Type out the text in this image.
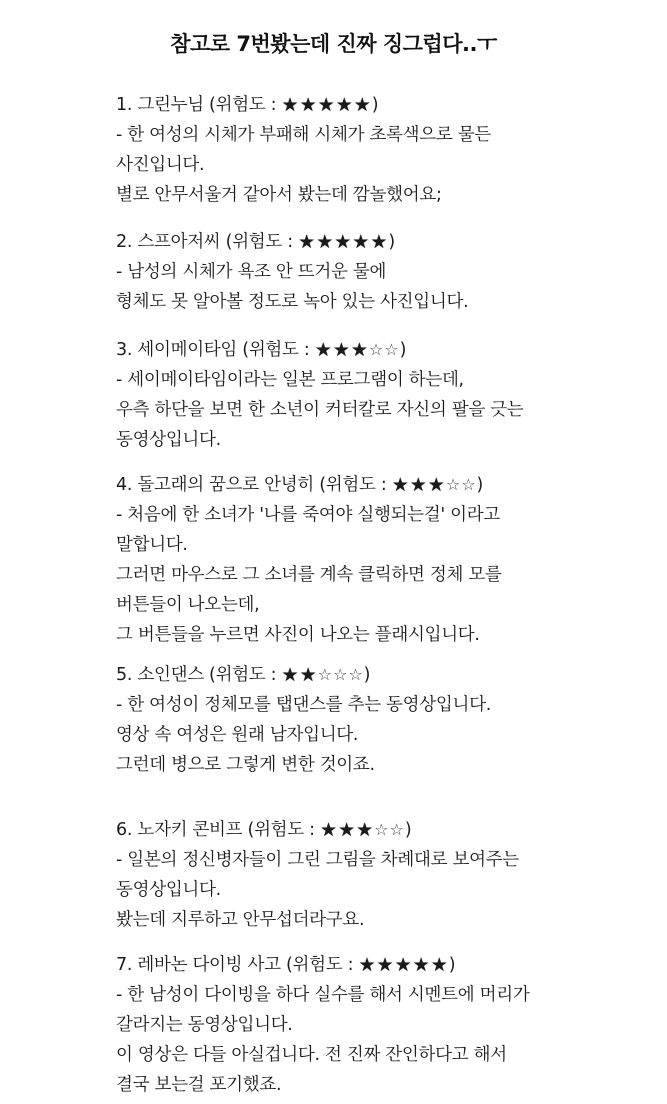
참고로 7번봤는데 진짜 징그럽다..ㅜ
1. 그린누님 (위험도 : ★★★★★)
- 한 여성의 시체가 부패해 시체가 초록색으로 물든
사진입니다.
별로 안무서울거 같아서 봤는데 깜놀했어요;
2. 스프아저씨 (위험도 : ★★★★★)
- 남성의 시체가 욕조 안 뜨거운 물에
형체도 못 알아볼 정도로 녹아 있는 사진입니다.
3. 세이메이타임 (위험도 : ★★★☆☆)
- 세이메이타임이라는 일본 프로그램이 하는데,
우측 하단을 보면 한 소년이 커터칼로 자신의 팔을 긋는
동영상입니다.
4. 돌고래의 꿈으로 안녕히 (위험도 : ★★★☆☆)
- 처음에 한 소녀가 '나를 죽여야 실행되는걸' 이라고
말합니다.
그러면 마우스로 그 소녀를 계속 클릭하면 정체 모를
버튼들이 나오는데,
그 버튼들을 누르면 사진이 나오는 플래시입니다.
5. 소인댄스 (위험도 : ★★☆☆☆)
- 한 여성이 정체모를 탭댄스를 추는 동영상입니다.
영상 속 여성은 원래 남자입니다.
그런데 병으로 그렇게 변한 것이죠.
6. 노자키 콘비프 (위험도 : ★★★☆☆)
- 일본의 정신병자들이 그린 그림을 차례대로 보여주는
동영상입니다.
봤는데 지루하고 안무섭더라구요.
7. 레바논 다이빙 사고 (위험도 : ★★★★★)
- 한 남성이 다이빙을 하다 실수를 해서 시멘트에 머리가
갈라지는 동영상입니다.
이 영상은 다들 아실겁니다. 전 진짜 잔인하다고 해서
결국 보는걸 포기했죠.
